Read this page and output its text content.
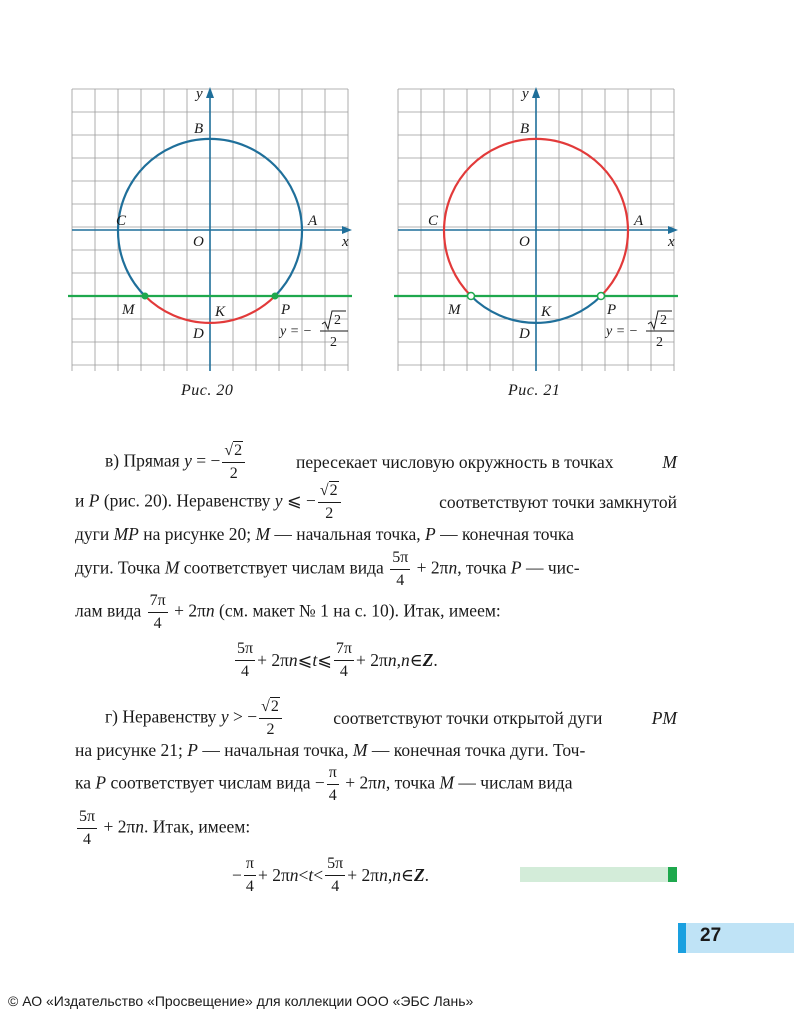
y
x
B
C	A
O
M	P
K
D	y = −
2
2
Рис. 20
y
x
B
C	A
O
M	P
K
D	y = −
2
2
Рис. 21
в) Прямая y = − $\frac{√2}{2}$	пересекает числовую окружность в точках	M
и P (рис. 20). Неравенству y ⩽ − $\frac{√2}{2}$	соответствуют точки замкнутой
дуги MP на рисунке 20; M — начальная точка, P — конечная точка
дуги. Точка M соответствует числам вида $\frac{5\pi}{4} + 2\pi n$, точка P — чис-
лам вида $\frac{7\pi}{4} + 2\pi n$ (см. макет № 1 на с. 10). Итак, имеем:
$\frac{5\pi}{4} + 2\pi$ n ⩽ t ⩽ $\frac{7\pi}{4} + 2\pi$ n , n ∈ Z .
г) Неравенству y > − $\frac{√2}{2}$	соответствуют точки открытой дуги	PM
на рисунке 21; P — начальная точка, M — конечная точка дуги. Точ-
ка P соответствует числам вида − $\frac{\pi}{4} + 2\pi n$, точка M — числам вида
$\frac{5\pi}{4} + 2\pi n$. Итак, имеем:
− $\frac{\pi}{4} + 2\pi$ $n < t < \frac{5\pi}{4} + 2\pi$ n , n ∈ Z .
27
© АО «Издательство «Просвещение» для коллекции ООО «ЭБС Лань»
